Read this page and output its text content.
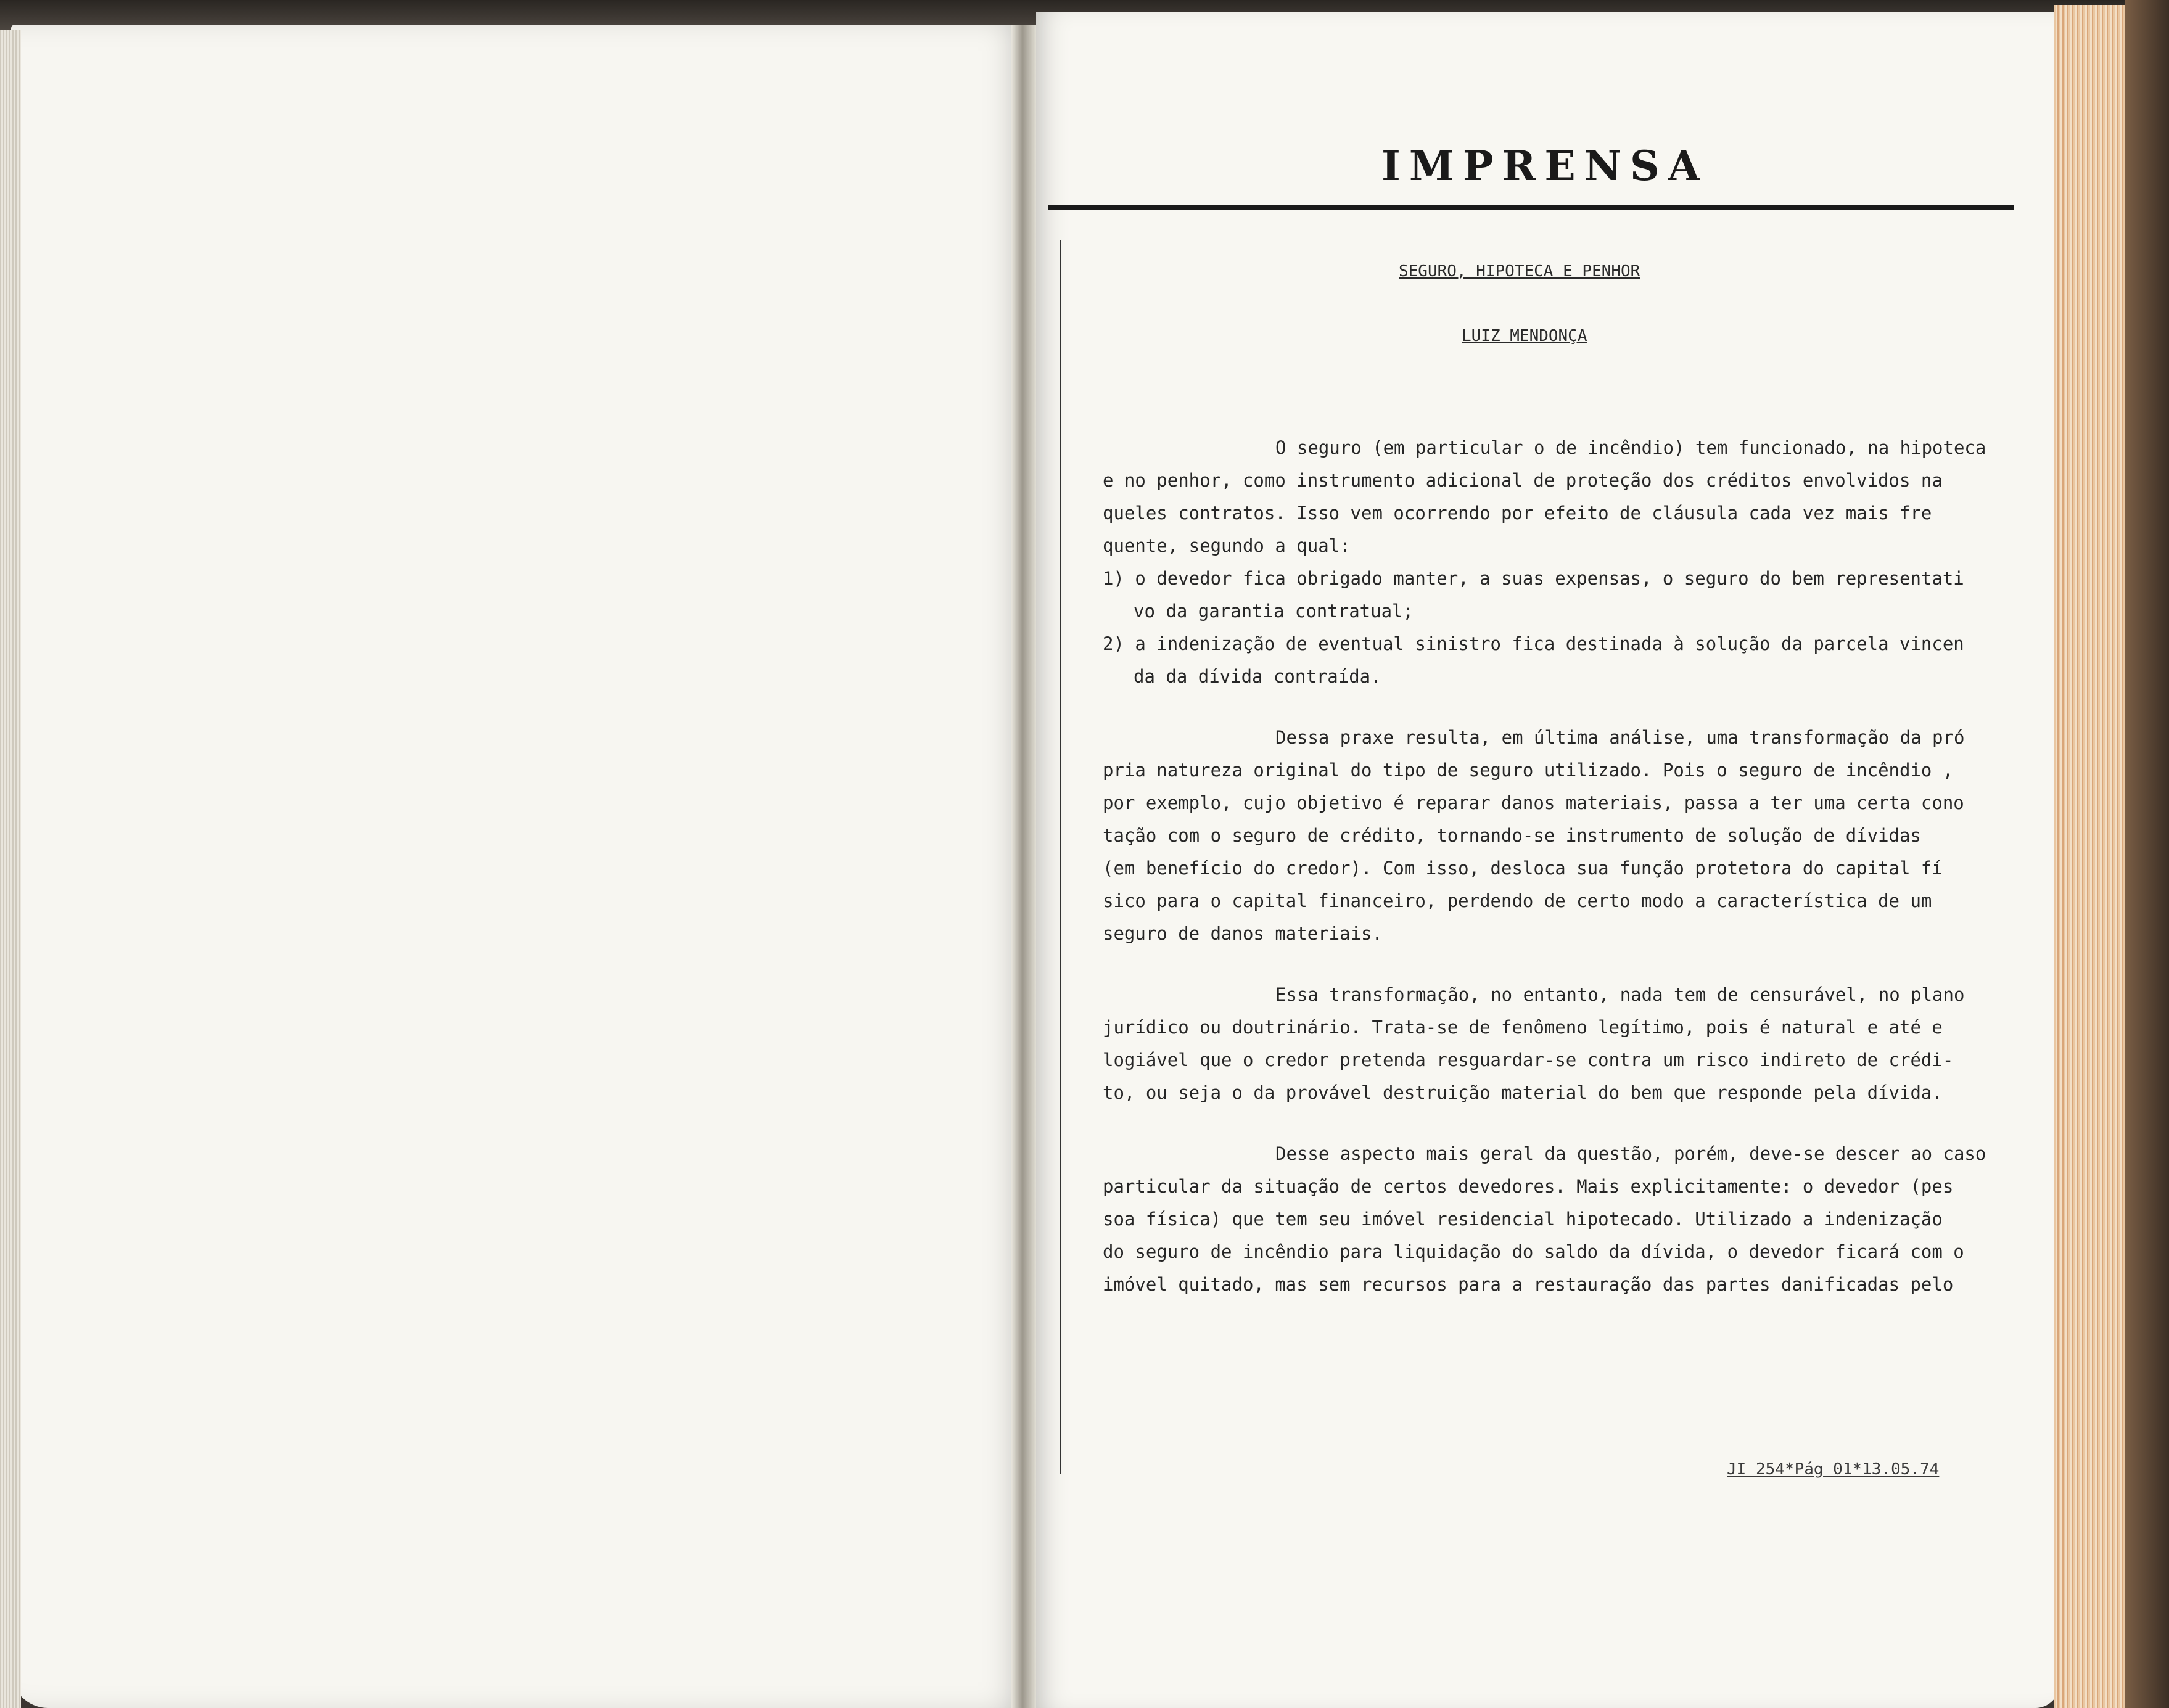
IMPRENSA
SEGURO, HIPOTECA E PENHOR
LUIZ MENDONÇA
O seguro (em particular o de incêndio) tem funcionado, na hipoteca
e no penhor, como instrumento adicional de proteção dos créditos envolvidos na
queles contratos. Isso vem ocorrendo por efeito de cláusula cada vez mais fre
quente, segundo a qual:
1) o devedor fica obrigado manter, a suas expensas, o seguro do bem representati
vo da garantia contratual;
2) a indenização de eventual sinistro fica destinada à solução da parcela vincen
da da dívida contraída.
Dessa praxe resulta, em última análise, uma transformação da pró
pria natureza original do tipo de seguro utilizado. Pois o seguro de incêndio ,
por exemplo, cujo objetivo é reparar danos materiais, passa a ter uma certa cono
tação com o seguro de crédito, tornando-se instrumento de solução de dívidas
(em benefício do credor). Com isso, desloca sua função protetora do capital fí
sico para o capital financeiro, perdendo de certo modo a característica de um
seguro de danos materiais.
Essa transformação, no entanto, nada tem de censurável, no plano
jurídico ou doutrinário. Trata-se de fenômeno legítimo, pois é natural e até e
logiável que o credor pretenda resguardar-se contra um risco indireto de crédi-
to, ou seja o da provável destruição material do bem que responde pela dívida.
Desse aspecto mais geral da questão, porém, deve-se descer ao caso
particular da situação de certos devedores. Mais explicitamente: o devedor (pes
soa física) que tem seu imóvel residencial hipotecado. Utilizado a indenização
do seguro de incêndio para liquidação do saldo da dívida, o devedor ficará com o
imóvel quitado, mas sem recursos para a restauração das partes danificadas pelo
JI 254*Pág 01*13.05.74
